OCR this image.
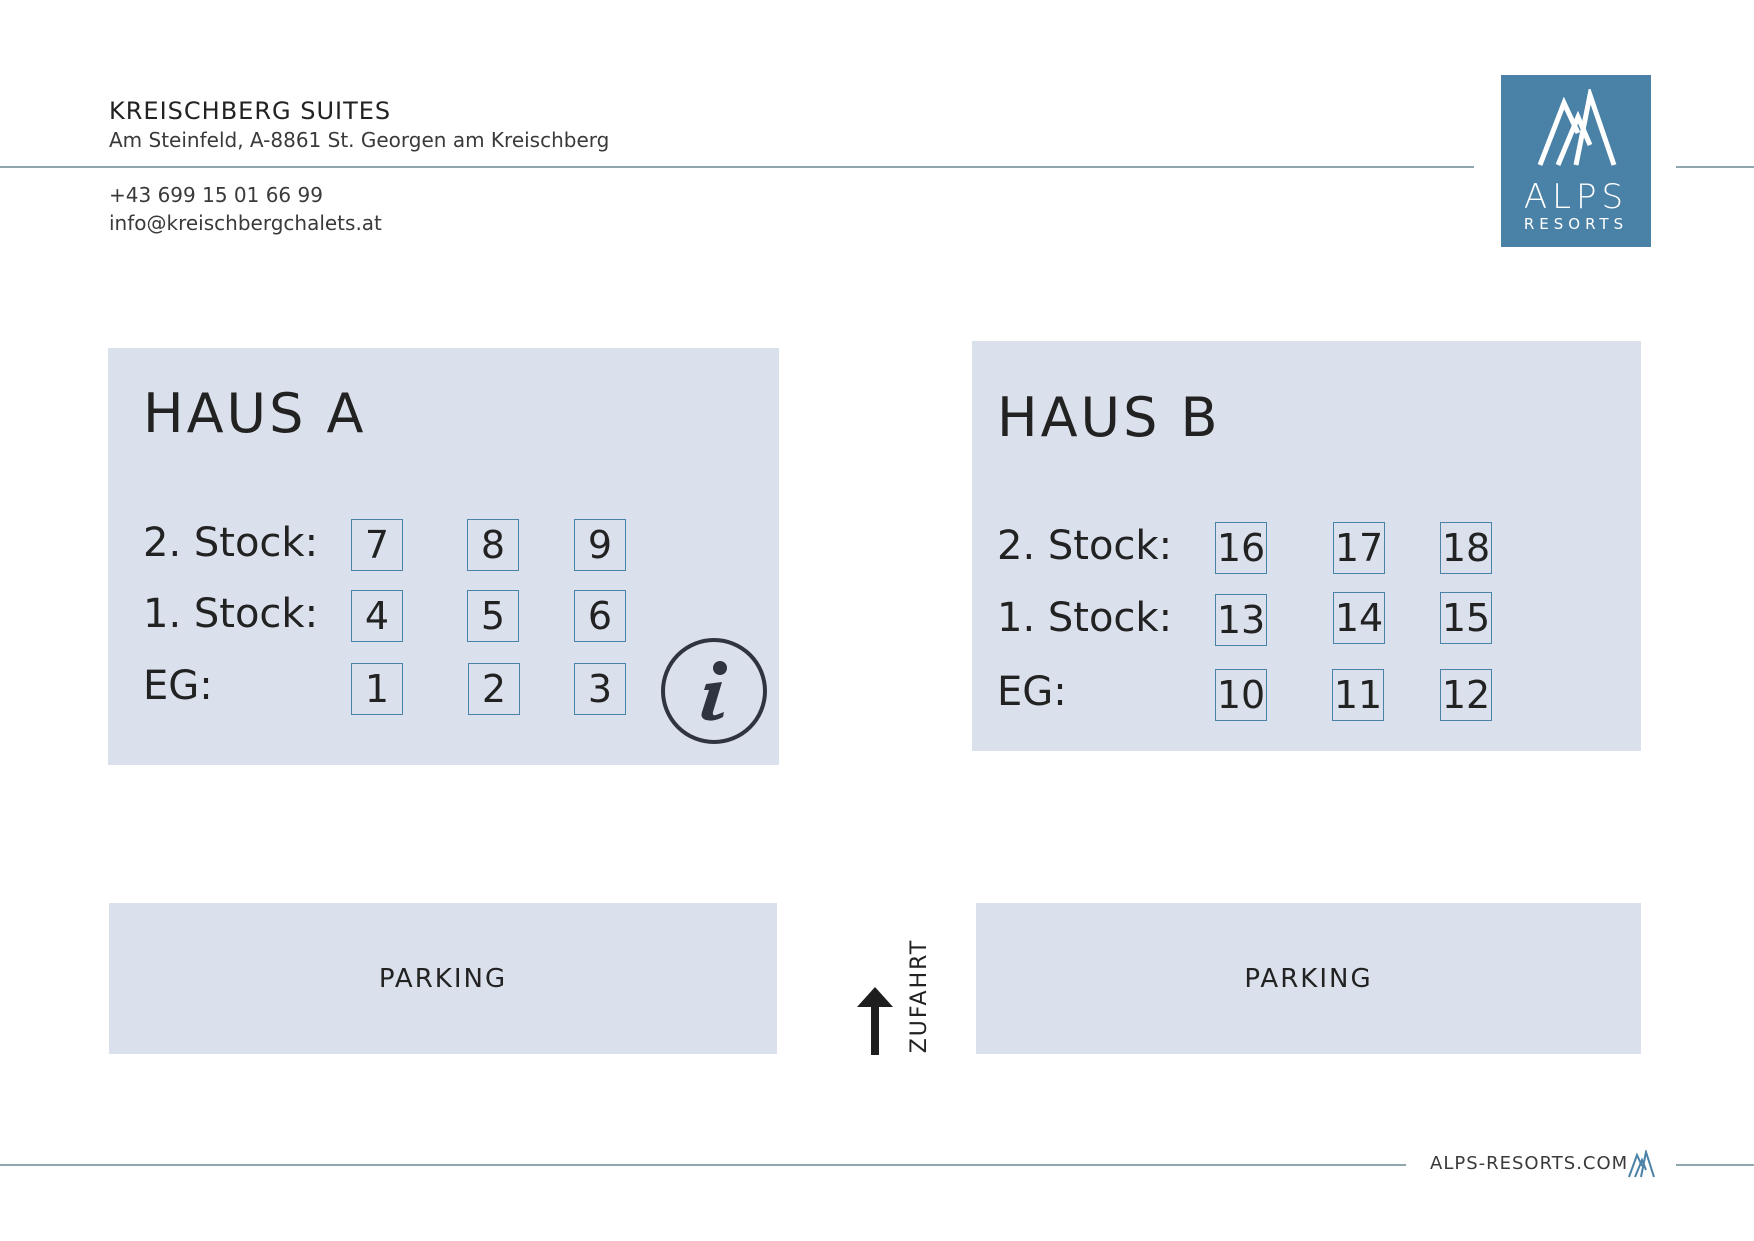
KREISCHBERG SUITES
Am Steinfeld, A-8861 St. Georgen am Kreischberg
+43 699 15 01 66 99
info@kreischbergchalets.at
ALPS
RESORTS
HAUS A
2. Stock:	7	8	9
1. Stock:	4	5	6
EG:	1	2	3
HAUS B
2. Stock: 16 17 18
1. Stock: 13 14 15
EG:	10 11 12
PARKING	PARKING
ZUFAHRT
ALPS-RESORTS.COM
